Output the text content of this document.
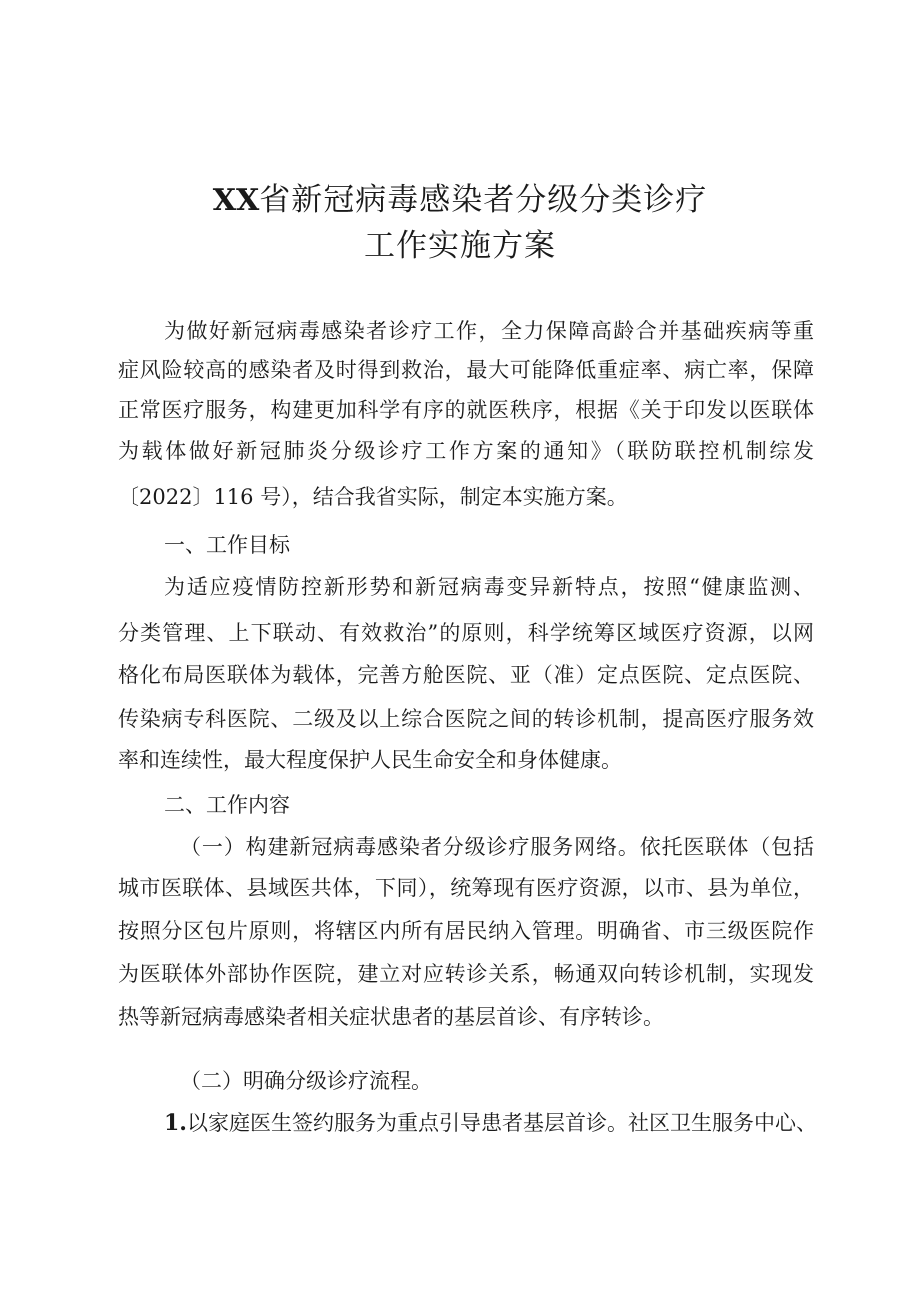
XX省新冠病毒感染者分级分类诊疗
工作实施方案
为做好新冠病毒感染者诊疗工作，全力保障高龄合并基础疾病等重
症风险较高的感染者及时得到救治，最大可能降低重症率、病亡率，保障
正常医疗服务，构建更加科学有序的就医秩序，根据《关于印发以医联体
为载体做好新冠肺炎分级诊疗工作方案的通知》（联防联控机制综发
〔2022〕116 号），结合我省实际，制定本实施方案。
一、工作目标
为适应疫情防控新形势和新冠病毒变异新特点，按照“健康监测、
分类管理、上下联动、有效救治”的原则，科学统筹区域医疗资源，以网
格化布局医联体为载体，完善方舱医院、亚（准）定点医院、定点医院、
传染病专科医院、二级及以上综合医院之间的转诊机制，提高医疗服务效
率和连续性，最大程度保护人民生命安全和身体健康。
二、工作内容
（一）构建新冠病毒感染者分级诊疗服务网络。依托医联体（包括
城市医联体、县域医共体，下同），统筹现有医疗资源，以市、县为单位，
按照分区包片原则，将辖区内所有居民纳入管理。明确省、市三级医院作
为医联体外部协作医院，建立对应转诊关系，畅通双向转诊机制，实现发
热等新冠病毒感染者相关症状患者的基层首诊、有序转诊。
（二）明确分级诊疗流程。
1.以家庭医生签约服务为重点引导患者基层首诊。社区卫生服务中心、
